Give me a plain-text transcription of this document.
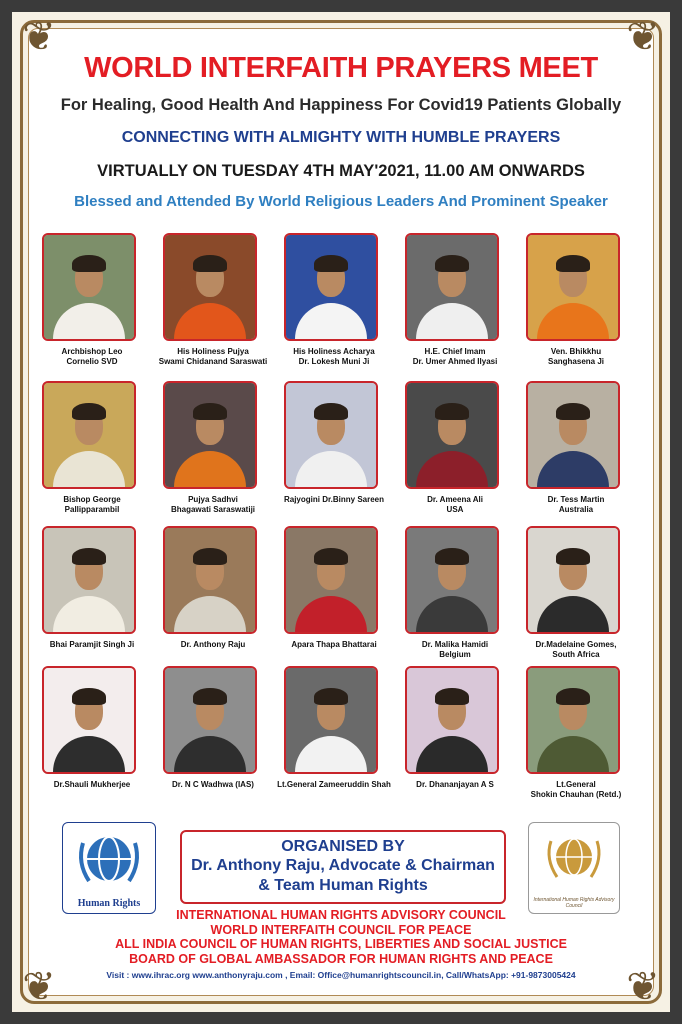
❦	❦
❦	❦
WORLD INTERFAITH PRAYERS MEET
For Healing, Good Health And Happiness For Covid19 Patients Globally
CONNECTING WITH ALMIGHTY WITH HUMBLE PRAYERS
VIRTUALLY ON TUESDAY 4TH MAY'2021, 11.00 AM ONWARDS
Blessed and Attended By World Religious Leaders And Prominent Speaker
Archbishop Leo
Cornelio SVD
His Holiness Pujya
Swami Chidanand Saraswati
His Holiness Acharya
Dr. Lokesh Muni Ji
H.E. Chief Imam
Dr. Umer Ahmed Ilyasi
Ven. Bhikkhu
Sanghasena Ji
Bishop George
Pallipparambil
Pujya Sadhvi
Bhagawati Saraswatiji
Rajyogini Dr.Binny Sareen	Dr. Ameena Ali
USA
Dr. Tess Martin
Australia
Bhai Paramjit Singh Ji	Dr. Anthony Raju	Apara Thapa Bhattarai	Dr. Malika Hamidi
Belgium
Dr.Madelaine Gomes,
South Africa
Dr.Shauli Mukherjee	Dr. N C Wadhwa (IAS)	Lt.General Zameeruddin Shah	Dr. Dhananjayan A S	Lt.General
Shokin Chauhan (Retd.)
Human Rights
ORGANISED BY
Dr. Anthony Raju, Advocate & Chairman
& Team Human Rights
International Human Rights Advisory Council
INTERNATIONAL HUMAN RIGHTS ADVISORY COUNCIL
WORLD INTERFAITH COUNCIL FOR PEACE
ALL INDIA COUNCIL OF HUMAN RIGHTS, LIBERTIES AND SOCIAL JUSTICE
BOARD OF GLOBAL AMBASSADOR FOR HUMAN RIGHTS AND PEACE
Visit : www.ihrac.org www.anthonyraju.com , Email: Office@humanrightscouncil.in, Call/WhatsApp: +91-9873005424
